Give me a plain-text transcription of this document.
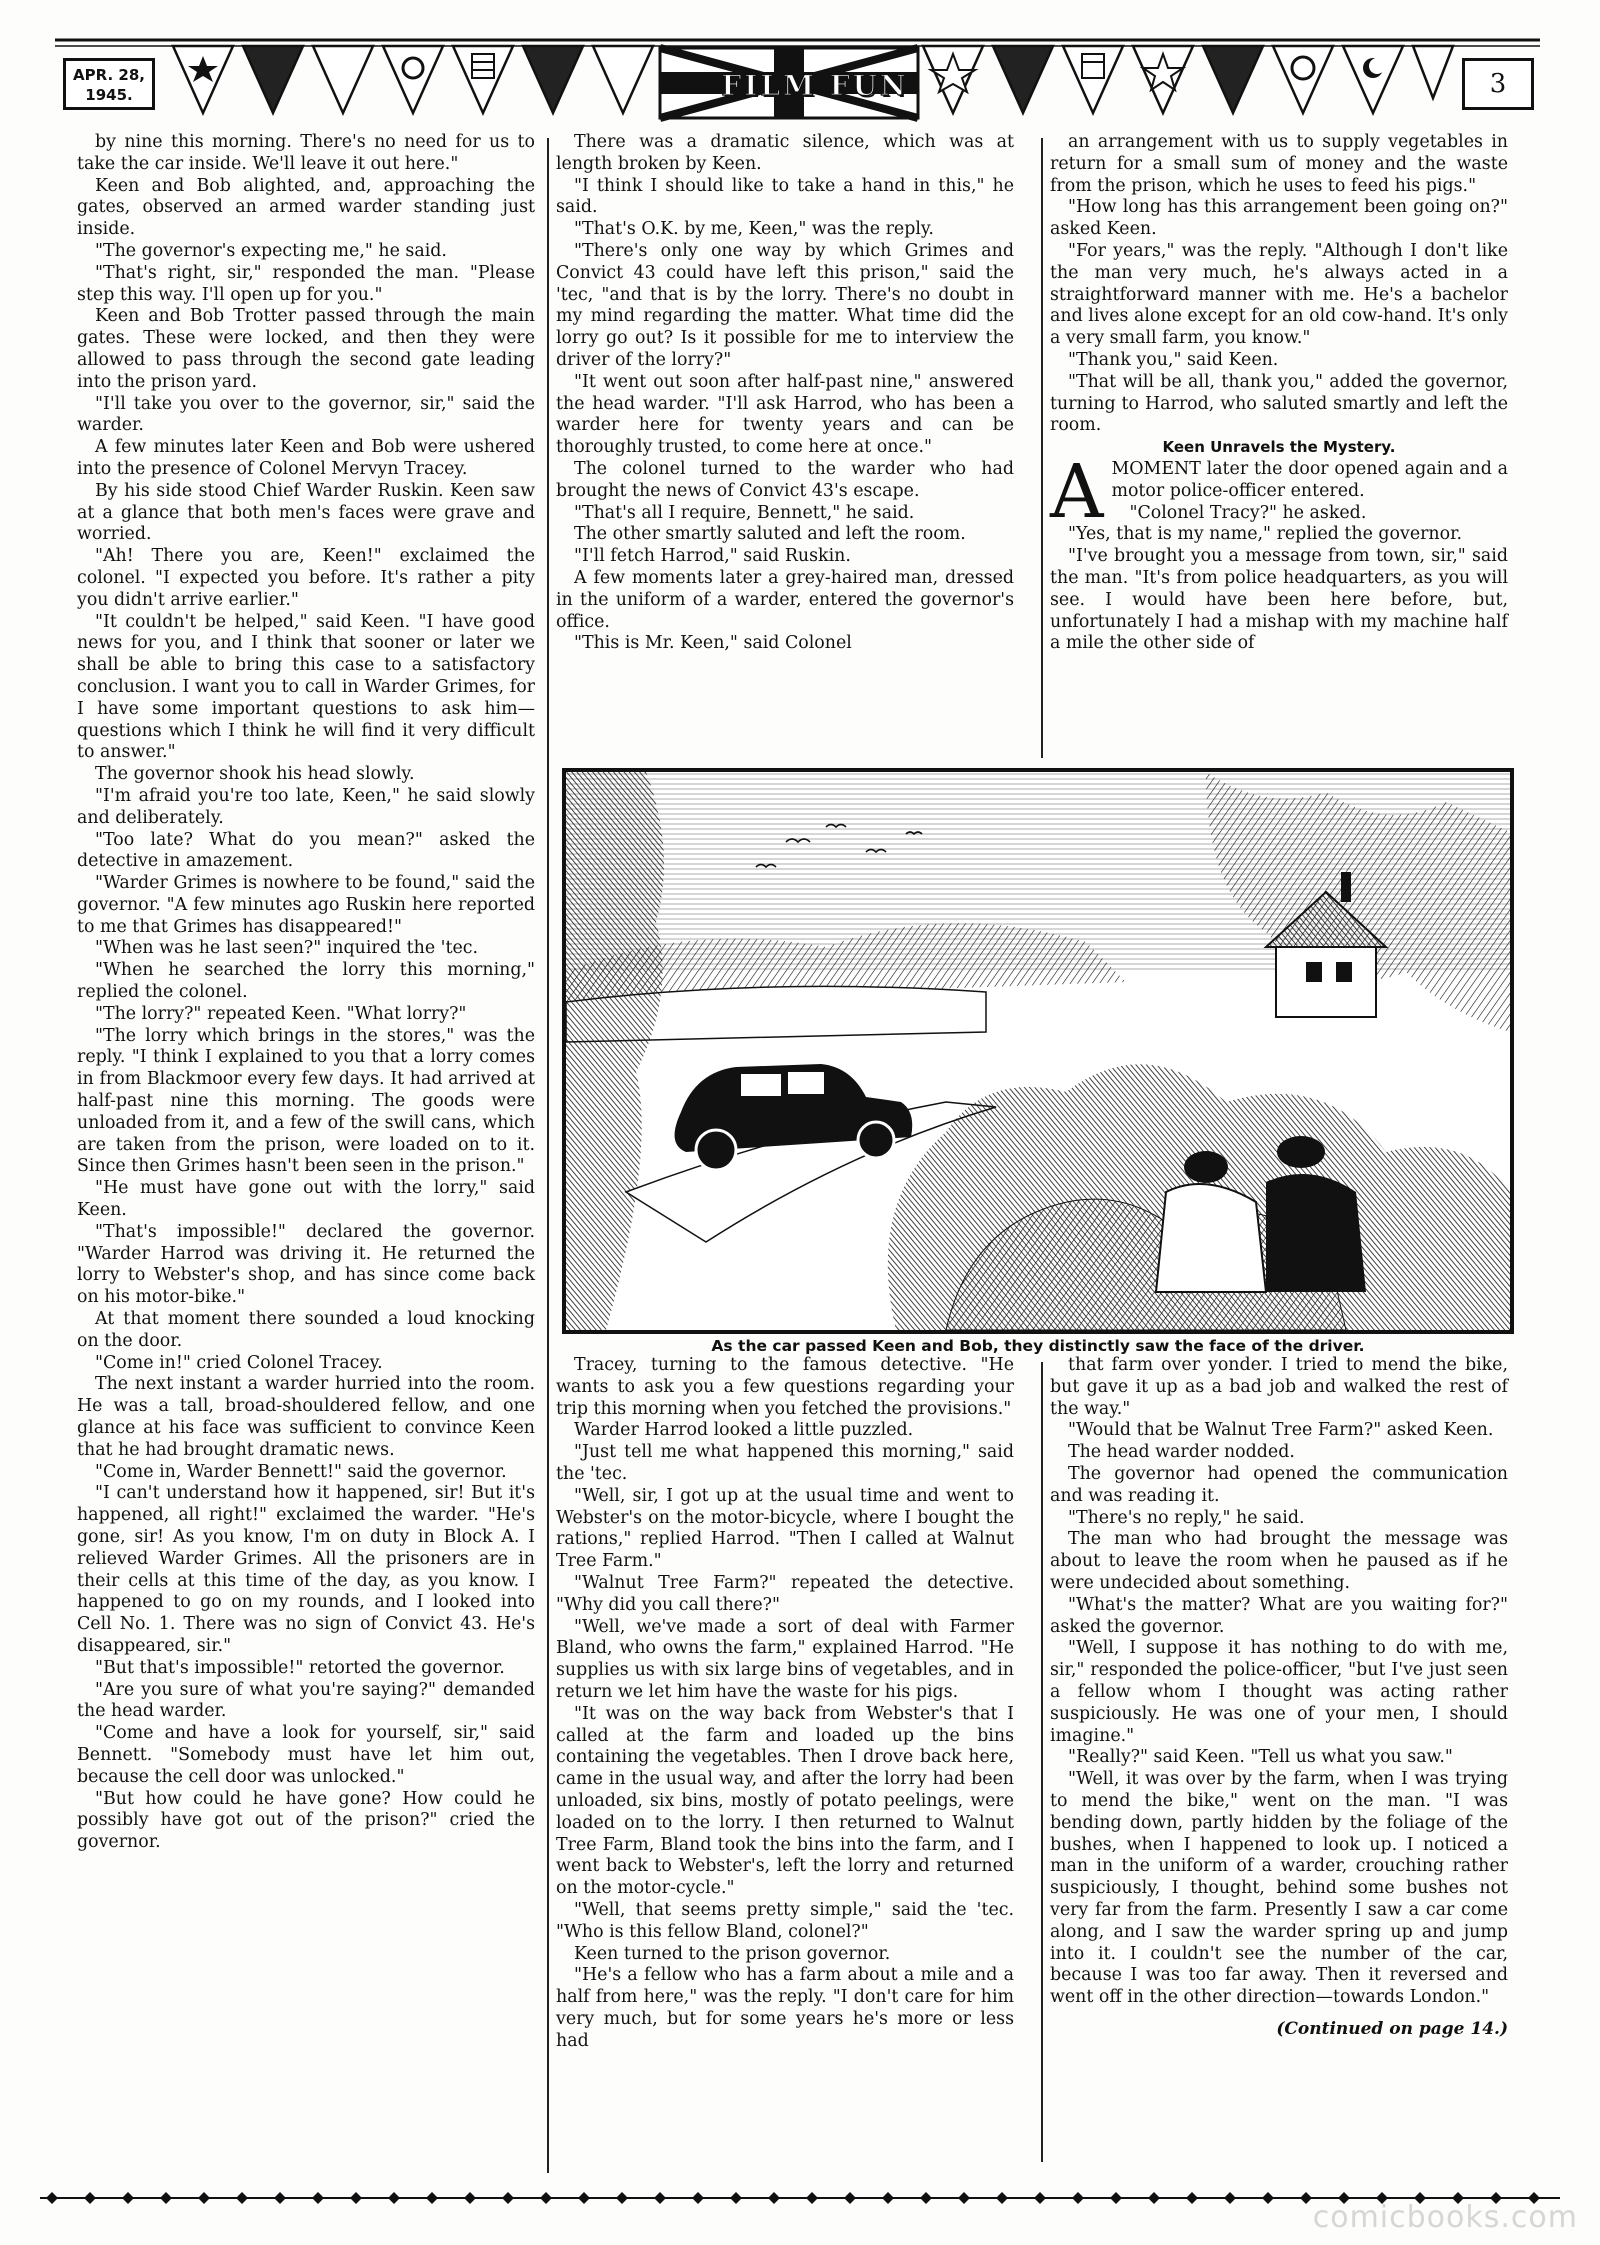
APR. 28,
1945.	FILM FUN	3

by nine this morning. There's no need for us to take the car inside. We'll leave it out here."

Keen and Bob alighted, and, approaching the gates, observed an armed warder standing just inside.

"The governor's expecting me," he said.

"That's right, sir," responded the man. "Please step this way. I'll open up for you."

Keen and Bob Trotter passed through the main gates. These were locked, and then they were allowed to pass through the second gate leading into the prison yard.

"I'll take you over to the governor, sir," said the warder.

A few minutes later Keen and Bob were ushered into the presence of Colonel Mervyn Tracey.

By his side stood Chief Warder Ruskin. Keen saw at a glance that both men's faces were grave and worried.

"Ah! There you are, Keen!" exclaimed the colonel. "I expected you before. It's rather a pity you didn't arrive earlier."

"It couldn't be helped," said Keen. "I have good news for you, and I think that sooner or later we shall be able to bring this case to a satisfactory conclusion. I want you to call in Warder Grimes, for I have some important questions to ask him—questions which I think he will find it very difficult to answer."

The governor shook his head slowly.

"I'm afraid you're too late, Keen," he said slowly and deliberately.

"Too late? What do you mean?" asked the detective in amazement.

"Warder Grimes is nowhere to be found," said the governor. "A few minutes ago Ruskin here reported to me that Grimes has disappeared!"

"When was he last seen?" inquired the 'tec.

"When he searched the lorry this morning," replied the colonel.

"The lorry?" repeated Keen. "What lorry?"

"The lorry which brings in the stores," was the reply. "I think I explained to you that a lorry comes in from Blackmoor every few days. It had arrived at half-past nine this morning. The goods were unloaded from it, and a few of the swill cans, which are taken from the prison, were loaded on to it. Since then Grimes hasn't been seen in the prison."

"He must have gone out with the lorry," said Keen.

"That's impossible!" declared the governor. "Warder Harrod was driving it. He returned the lorry to Webster's shop, and has since come back on his motor-bike."

At that moment there sounded a loud knocking on the door.

"Come in!" cried Colonel Tracey.

The next instant a warder hurried into the room. He was a tall, broad-shouldered fellow, and one glance at his face was sufficient to convince Keen that he had brought dramatic news.

"Come in, Warder Bennett!" said the governor.

"I can't understand how it happened, sir! But it's happened, all right!" exclaimed the warder. "He's gone, sir! As you know, I'm on duty in Block A. I relieved Warder Grimes. All the prisoners are in their cells at this time of the day, as you know. I happened to go on my rounds, and I looked into Cell No. 1. There was no sign of Convict 43. He's disappeared, sir."

"But that's impossible!" retorted the governor.

"Are you sure of what you're saying?" demanded the head warder.

"Come and have a look for yourself, sir," said Bennett. "Somebody must have let him out, because the cell door was unlocked."

"But how could he have gone? How could he possibly have got out of the prison?" cried the governor.

There was a dramatic silence, which was at length broken by Keen.

"I think I should like to take a hand in this," he said.

"That's O.K. by me, Keen," was the reply.

"There's only one way by which Grimes and Convict 43 could have left this prison," said the 'tec, "and that is by the lorry. There's no doubt in my mind regarding the matter. What time did the lorry go out? Is it possible for me to interview the driver of the lorry?"

"It went out soon after half-past nine," answered the head warder. "I'll ask Harrod, who has been a warder here for twenty years and can be thoroughly trusted, to come here at once."

The colonel turned to the warder who had brought the news of Convict 43's escape.

"That's all I require, Bennett," he said.

The other smartly saluted and left the room.

"I'll fetch Harrod," said Ruskin.

A few moments later a grey-haired man, dressed in the uniform of a warder, entered the governor's office.

"This is Mr. Keen," said Colonel

an arrangement with us to supply vegetables in return for a small sum of money and the waste from the prison, which he uses to feed his pigs."

"How long has this arrangement been going on?" asked Keen.

"For years," was the reply. "Although I don't like the man very much, he's always acted in a straightforward manner with me. He's a bachelor and lives alone except for an old cow-hand. It's only a very small farm, you know."

"Thank you," said Keen.

"That will be all, thank you," added the governor, turning to Harrod, who saluted smartly and left the room.

Keen Unravels the Mystery.

AMOMENT later the door opened again and a motor police-officer entered.

"Colonel Tracy?" he asked.

"Yes, that is my name," replied the governor.

"I've brought you a message from town, sir," said the man. "It's from police headquarters, as you will see. I would have been here before, but, unfortunately I had a mishap with my machine half a mile the other side of

As the car passed Keen and Bob, they distinctly saw the face of the driver.

Tracey, turning to the famous detective. "He wants to ask you a few questions regarding your trip this morning when you fetched the provisions."

Warder Harrod looked a little puzzled.

"Just tell me what happened this morning," said the 'tec.

"Well, sir, I got up at the usual time and went to Webster's on the motor-bicycle, where I bought the rations," replied Harrod. "Then I called at Walnut Tree Farm."

"Walnut Tree Farm?" repeated the detective. "Why did you call there?"

"Well, we've made a sort of deal with Farmer Bland, who owns the farm," explained Harrod. "He supplies us with six large bins of vegetables, and in return we let him have the waste for his pigs.

"It was on the way back from Webster's that I called at the farm and loaded up the bins containing the vegetables. Then I drove back here, came in the usual way, and after the lorry had been unloaded, six bins, mostly of potato peelings, were loaded on to the lorry. I then returned to Walnut Tree Farm, Bland took the bins into the farm, and I went back to Webster's, left the lorry and returned on the motor-cycle."

"Well, that seems pretty simple," said the 'tec. "Who is this fellow Bland, colonel?"

Keen turned to the prison governor.

"He's a fellow who has a farm about a mile and a half from here," was the reply. "I don't care for him very much, but for some years he's more or less had

that farm over yonder. I tried to mend the bike, but gave it up as a bad job and walked the rest of the way."

"Would that be Walnut Tree Farm?" asked Keen.

The head warder nodded.

The governor had opened the communication and was reading it.

"There's no reply," he said.

The man who had brought the message was about to leave the room when he paused as if he were undecided about something.

"What's the matter? What are you waiting for?" asked the governor.

"Well, I suppose it has nothing to do with me, sir," responded the police-officer, "but I've just seen a fellow whom I thought was acting rather suspiciously. He was one of your men, I should imagine."

"Really?" said Keen. "Tell us what you saw."

"Well, it was over by the farm, when I was trying to mend the bike," went on the man. "I was bending down, partly hidden by the foliage of the bushes, when I happened to look up. I noticed a man in the uniform of a warder, crouching rather suspiciously, I thought, behind some bushes not very far from the farm. Presently I saw a car come along, and I saw the warder spring up and jump into it. I couldn't see the number of the car, because I was too far away. Then it reversed and went off in the other direction—towards London."

(Continued on page 14.)

comicbooks.com
